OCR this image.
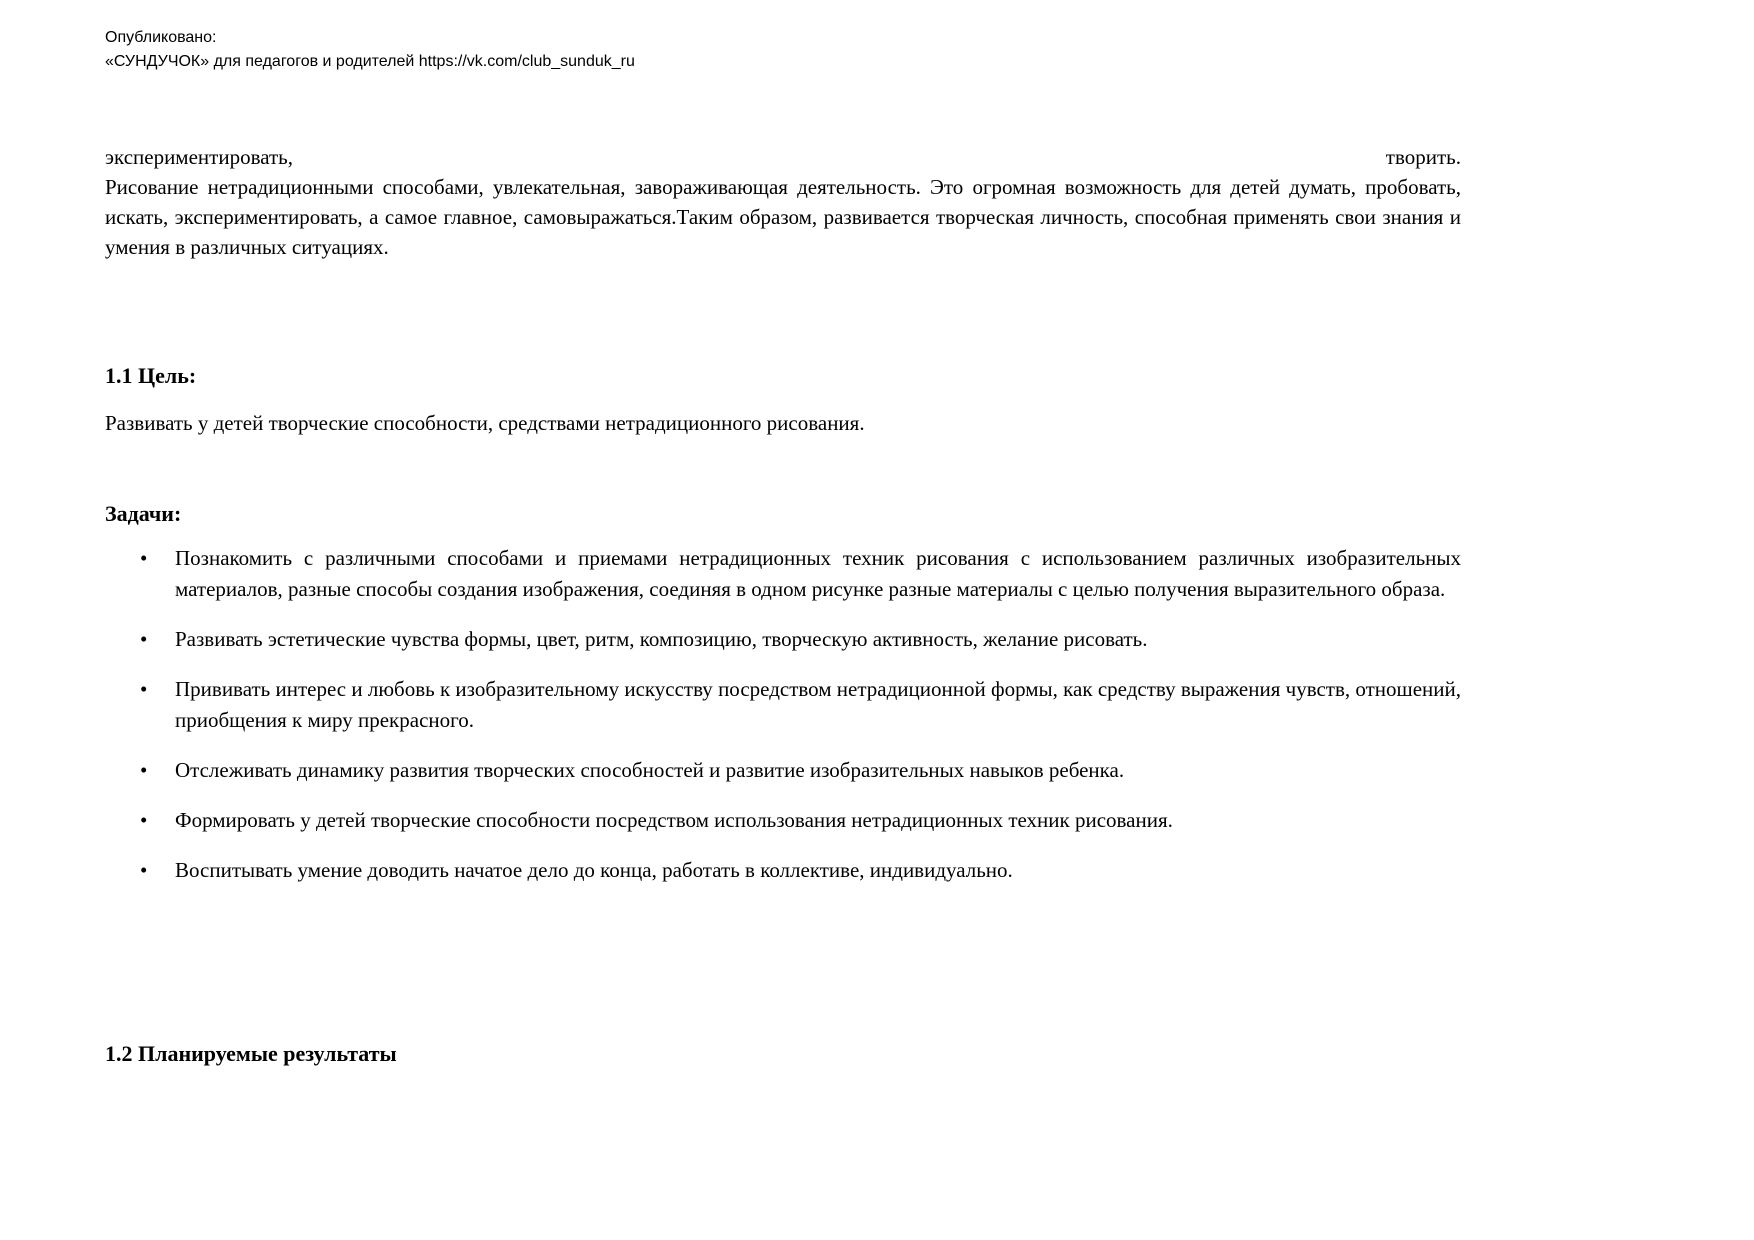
Опубликовано:
«СУНДУЧОК» для педагогов и родителей https://vk.com/club_sunduk_ru
экспериментировать,	творить.

Рисование нетрадиционными способами, увлекательная, завораживающая деятельность. Это огромная возможность для детей думать, пробовать, искать, экспериментировать, а самое главное, самовыражаться.Таким образом, развивается творческая личность, способная применять свои знания и умения в различных ситуациях.

1.1 Цель:
Развивать у детей творческие способности, средствами нетрадиционного рисования.
Задачи:
• Познакомить с различными способами и приемами нетрадиционных техник рисования с использованием различных изобразительных материалов, разные способы создания изображения, соединяя в одном рисунке разные материалы с целью получения выразительного образа.
• Развивать эстетические чувства формы, цвет, ритм, композицию, творческую активность, желание рисовать.
• Прививать интерес и любовь к изобразительному искусству посредством нетрадиционной формы, как средству выражения чувств, отношений, приобщения к миру прекрасного.
• Отслеживать динамику развития творческих способностей и развитие изобразительных навыков ребенка.
• Формировать у детей творческие способности посредством использования нетрадиционных техник рисования.
• Воспитывать умение доводить начатое дело до конца, работать в коллективе, индивидуально.
1.2 Планируемые результаты
